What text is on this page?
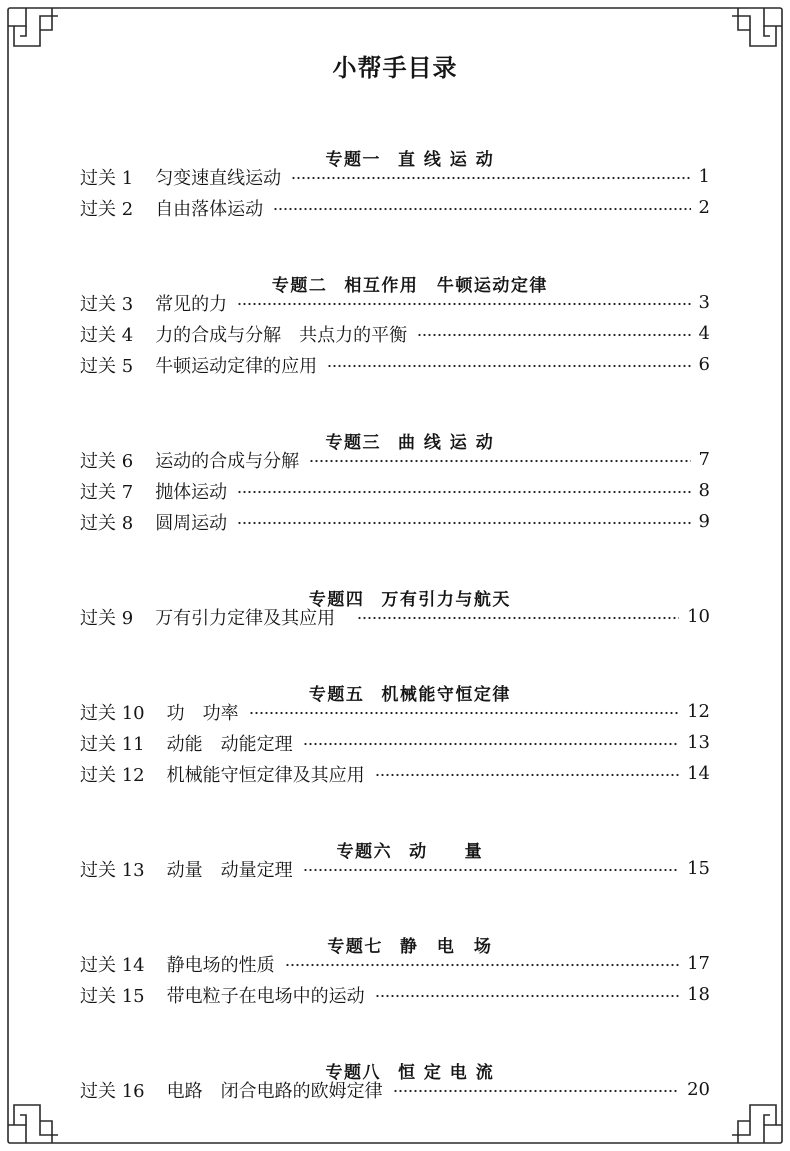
小帮手目录

专题一 直 线 运 动

过关 1 匀变速直线运动	1
过关 2 自由落体运动	2

专题二 相互作用　牛顿运动定律

过关 3 常见的力	3
过关 4 力的合成与分解　共点力的平衡	4
过关 5 牛顿运动定律的应用	6

专题三 曲 线 运 动

过关 6 运动的合成与分解	7
过关 7 抛体运动	8
过关 8 圆周运动	9

专题四 万有引力与航天

过关 9 万有引力定律及其应用	10

专题五 机械能守恒定律

过关 10 功　功率	12
过关 11 动能　动能定理	13
过关 12 机械能守恒定律及其应用	14

专题六 动　　量

过关 13 动量　动量定理	15

专题七 静　电　场

过关 14 静电场的性质	17
过关 15 带电粒子在电场中的运动	18

专题八 恒 定 电 流

过关 16 电路　闭合电路的欧姆定律	20
